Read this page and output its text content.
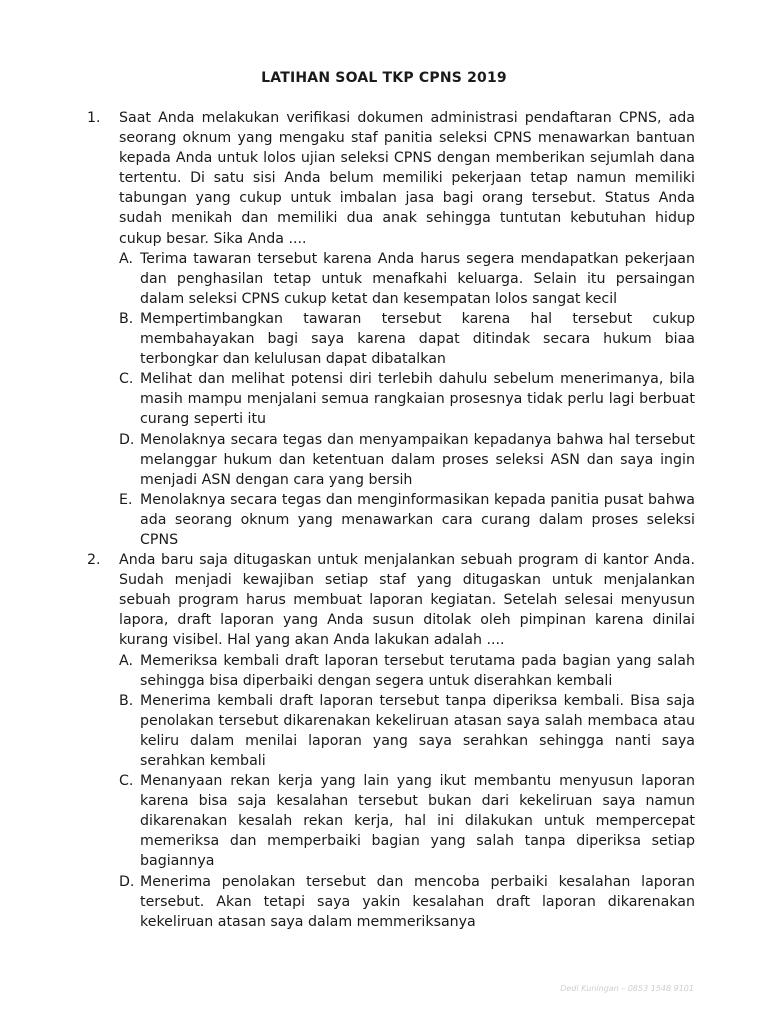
LATIHAN SOAL TKP CPNS 2019
1.	Saat Anda melakukan verifikasi dokumen administrasi pendaftaran CPNS, ada seorang oknum yang mengaku staf panitia seleksi CPNS menawarkan bantuan kepada Anda untuk lolos ujian seleksi CPNS dengan memberikan sejumlah dana tertentu. Di satu sisi Anda belum memiliki pekerjaan tetap namun memiliki tabungan yang cukup untuk imbalan jasa bagi orang tersebut. Status Anda sudah menikah dan memiliki dua anak sehingga tuntutan kebutuhan hidup cukup besar. Sika Anda ....
A. Terima tawaran tersebut karena Anda harus segera mendapatkan pekerjaan dan penghasilan tetap untuk menafkahi keluarga. Selain itu persaingan dalam seleksi CPNS cukup ketat dan kesempatan lolos sangat kecil
B. Mempertimbangkan tawaran tersebut karena hal tersebut cukup membahayakan bagi saya karena dapat ditindak secara hukum biaa terbongkar dan kelulusan dapat dibatalkan
C. Melihat dan melihat potensi diri terlebih dahulu sebelum menerimanya, bila masih mampu menjalani semua rangkaian prosesnya tidak perlu lagi berbuat curang seperti itu
D. Menolaknya secara tegas dan menyampaikan kepadanya bahwa hal tersebut melanggar hukum dan ketentuan dalam proses seleksi ASN dan saya ingin menjadi ASN dengan cara yang bersih
E. Menolaknya secara tegas dan menginformasikan kepada panitia pusat bahwa ada seorang oknum yang menawarkan cara curang dalam proses seleksi CPNS
2.	Anda baru saja ditugaskan untuk menjalankan sebuah program di kantor Anda. Sudah menjadi kewajiban setiap staf yang ditugaskan untuk menjalankan sebuah program harus membuat laporan kegiatan. Setelah selesai menyusun lapora, draft laporan yang Anda susun ditolak oleh pimpinan karena dinilai kurang visibel. Hal yang akan Anda lakukan adalah ....
A. Memeriksa kembali draft laporan tersebut terutama pada bagian yang salah sehingga bisa diperbaiki dengan segera untuk diserahkan kembali
B. Menerima kembali draft laporan tersebut tanpa diperiksa kembali. Bisa saja penolakan tersebut dikarenakan kekeliruan atasan saya salah membaca atau keliru dalam menilai laporan yang saya serahkan sehingga nanti saya serahkan kembali
C. Menanyaan rekan kerja yang lain yang ikut membantu menyusun laporan karena bisa saja kesalahan tersebut bukan dari kekeliruan saya namun dikarenakan kesalah rekan kerja, hal ini dilakukan untuk mempercepat memeriksa dan memperbaiki bagian yang salah tanpa diperiksa setiap bagiannya
D. Menerima penolakan tersebut dan mencoba perbaiki kesalahan laporan tersebut. Akan tetapi saya yakin kesalahan draft laporan dikarenakan kekeliruan atasan saya dalam memmeriksanya
Dedi Kuningan – 0853 1548 9101
